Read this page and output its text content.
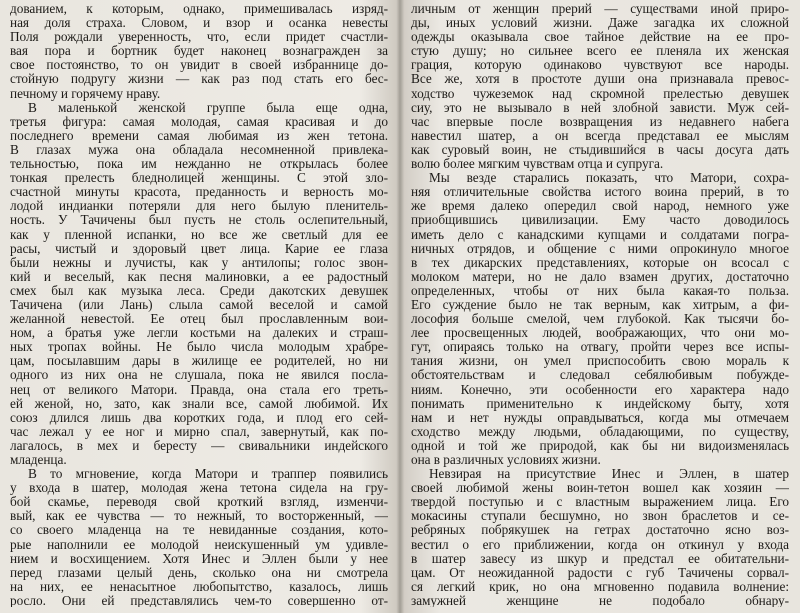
дованием, к которым, однако, примешивалась изряд-
ная доля страха. Словом, и взор и осанка невесты
Поля рождали уверенность, что, если придет счастли-
вая пора и бортник будет наконец вознагражден за
свое постоянство, то он увидит в своей избраннице до-
стойную подругу жизни — как раз под стать его бес-
печному и горячему нраву.
В маленькой женской группе была еще одна,
третья фигура: самая молодая, самая красивая и до
последнего времени самая любимая из жен тетона.
В глазах мужа она обладала несомненной привлека-
тельностью, пока им нежданно не открылась более
тонкая прелесть бледнолицей женщины. С этой зло-
счастной минуты красота, преданность и верность мо-
лодой индианки потеряли для него былую пленитель-
ность. У Тачичены был пусть не столь ослепительный,
как у пленной испанки, но все же светлый для ее
расы, чистый и здоровый цвет лица. Карие ее глаза
были нежны и лучисты, как у антилопы; голос звон-
кий и веселый, как песня малиновки, а ее радостный
смех был как музыка леса. Среди дакотских девушек
Тачичена (или Лань) слыла самой веселой и самой
желанной невестой. Ее отец был прославленным вои-
ном, а братья уже легли костьми на далеких и страш-
ных тропах войны. Не было числа молодым храбре-
цам, посылавшим дары в жилище ее родителей, но ни
одного из них она не слушала, пока не явился посла-
нец от великого Матори. Правда, она стала его треть-
ей женой, но, зато, как знали все, самой любимой. Их
союз длился лишь два коротких года, и плод его сей-
час лежал у ее ног и мирно спал, завернутый, как по-
лагалось, в мех и бересту — свивальники индейского
младенца.
В то мгновение, когда Матори и траппер появились
у входа в шатер, молодая жена тетона сидела на гру-
бой скамье, переводя свой кроткий взгляд, изменчи-
вый, как ее чувства — то нежный, то восторженный, —
со своего младенца на те невиданные создания, кото-
рые наполнили ее молодой неискушенный ум удивле-
нием и восхищением. Хотя Инес и Эллен были у нее
перед глазами целый день, сколько она ни смотрела
на них, ее ненасытное любопытство, казалось, лишь
росло. Они ей представлялись чем-то совершенно от-
личным от женщин прерий — существами иной приро-
ды, иных условий жизни. Даже загадка их сложной
одежды оказывала свое тайное действие на ее про-
стую душу; но сильнее всего ее пленяла их женская
грация, которую одинаково чувствуют все народы.
Все же, хотя в простоте души она признавала превос-
ходство чужеземок над скромной прелестью девушек
сиу, это не вызывало в ней злобной зависти. Муж сей-
час впервые после возвращения из недавнего набега
навестил шатер, а он всегда представал ее мыслям
как суровый воин, не стыдившийся в часы досуга дать
волю более мягким чувствам отца и супруга.
Мы везде старались показать, что Матори, сохра-
няя отличительные свойства истого воина прерий, в то
же время далеко опередил свой народ, немного уже
приобщившись цивилизации. Ему часто доводилось
иметь дело с канадскими купцами и солдатами погра-
ничных отрядов, и общение с ними опрокинуло многое
в тех дикарских представлениях, которые он всосал с
молоком матери, но не дало взамен других, достаточно
определенных, чтобы от них была какая-то польза.
Его суждение было не так верным, как хитрым, а фи-
лософия больше смелой, чем глубокой. Как тысячи бо-
лее просвещенных людей, воображающих, что они мо-
гут, опираясь только на отвагу, пройти через все испы-
тания жизни, он умел приспособить свою мораль к
обстоятельствам и следовал себялюбивым побужде-
ниям. Конечно, эти особенности его характера надо
понимать применительно к индейскому быту, хотя
нам и нет нужды оправдываться, когда мы отмечаем
сходство между людьми, обладающими, по существу,
одной и той же природой, как бы ни видоизменялась
она в различных условиях жизни.
Невзирая на присутствие Инес и Эллен, в шатер
своей любимой жены воин-тетон вошел как хозяин —
твердой поступью и с властным выражением лица. Его
мокасины ступали бесшумно, но звон браслетов и се-
ребряных побрякушек на гетрах достаточно ясно воз-
вестил о его приближении, когда он откинул у входа
в шатер завесу из шкур и предстал ее обитательни-
цам. От неожиданной радости с губ Тачичены сорвал-
ся легкий крик, но она мгновенно подавила волнение:
замужней женщине не подобало обнару-
